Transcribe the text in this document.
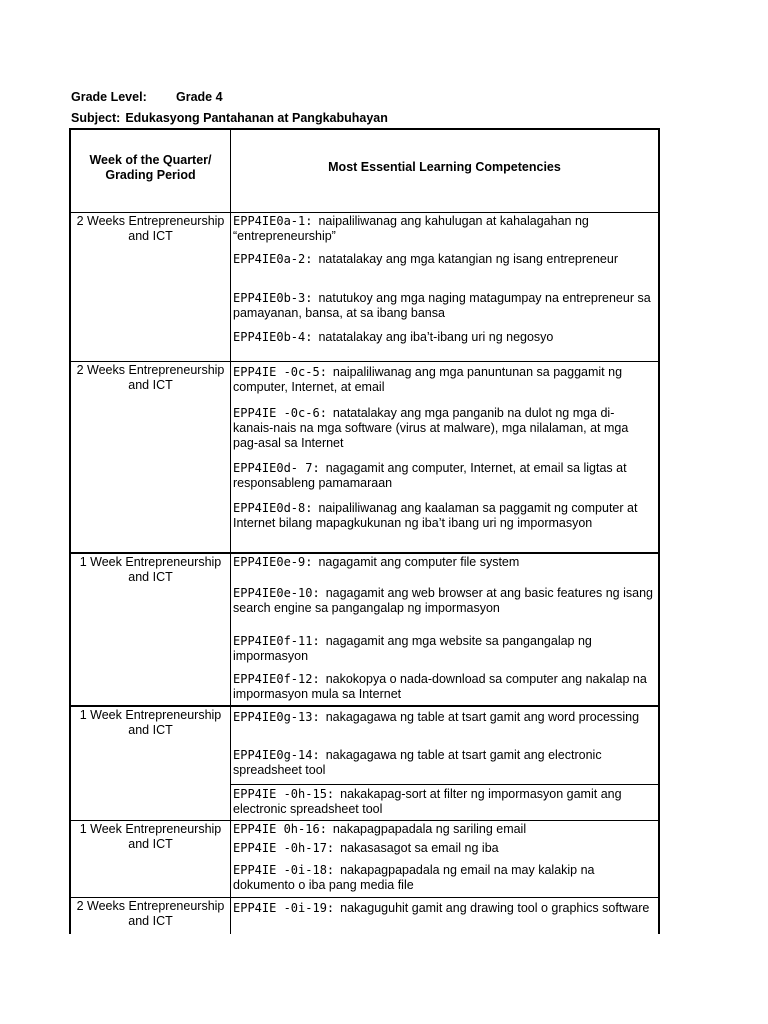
Grade Level: Grade 4
Subject: Edukasyong Pantahanan at Pangkabuhayan
Week of the Quarter/ Grading Period
Most Essential Learning Competencies
2 Weeks Entrepreneurship and ICT
EPP4IE0a-1: naipaliliwanag ang kahulugan at kahalagahan ng “entrepreneurship”
EPP4IE0a-2: natatalakay ang mga katangian ng isang entrepreneur
EPP4IE0b-3: natutukoy ang mga naging matagumpay na entrepreneur sa pamayanan, bansa, at sa ibang bansa
EPP4IE0b-4: natatalakay ang iba’t-ibang uri ng negosyo
2 Weeks Entrepreneurship and ICT
EPP4IE -0c-5: naipaliliwanag ang mga panuntunan sa paggamit ng computer, Internet, at email
EPP4IE -0c-6: natatalakay ang mga panganib na dulot ng mga di-kanais-nais na mga software (virus at malware), mga nilalaman, at mga pag-asal sa Internet
EPP4IE0d- 7: nagagamit ang computer, Internet, at email sa ligtas at responsableng pamamaraan
EPP4IE0d-8: naipaliliwanag ang kaalaman sa paggamit ng computer at Internet bilang mapagkukunan ng iba’t ibang uri ng impormasyon
1 Week Entrepreneurship and ICT
EPP4IE0e-9: nagagamit ang computer file system
EPP4IE0e-10: nagagamit ang web browser at ang basic features ng isang search engine sa pangangalap ng impormasyon
EPP4IE0f-11: nagagamit ang mga website sa pangangalap ng impormasyon
EPP4IE0f-12: nakokopya o nada-download sa computer ang nakalap na impormasyon mula sa Internet
1 Week Entrepreneurship and ICT
EPP4IE0g-13: nakagagawa ng table at tsart gamit ang word processing
EPP4IE0g-14: nakagagawa ng table at tsart gamit ang electronic spreadsheet tool
EPP4IE -0h-15: nakakapag-sort at filter ng impormasyon gamit ang electronic spreadsheet tool
1 Week Entrepreneurship and ICT
EPP4IE 0h-16: nakapagpapadala ng sariling email
EPP4IE -0h-17: nakasasagot sa email ng iba
EPP4IE -0i-18: nakapagpapadala ng email na may kalakip na dokumento o iba pang media file
2 Weeks Entrepreneurship and ICT
EPP4IE -0i-19: nakaguguhit gamit ang drawing tool o graphics software
